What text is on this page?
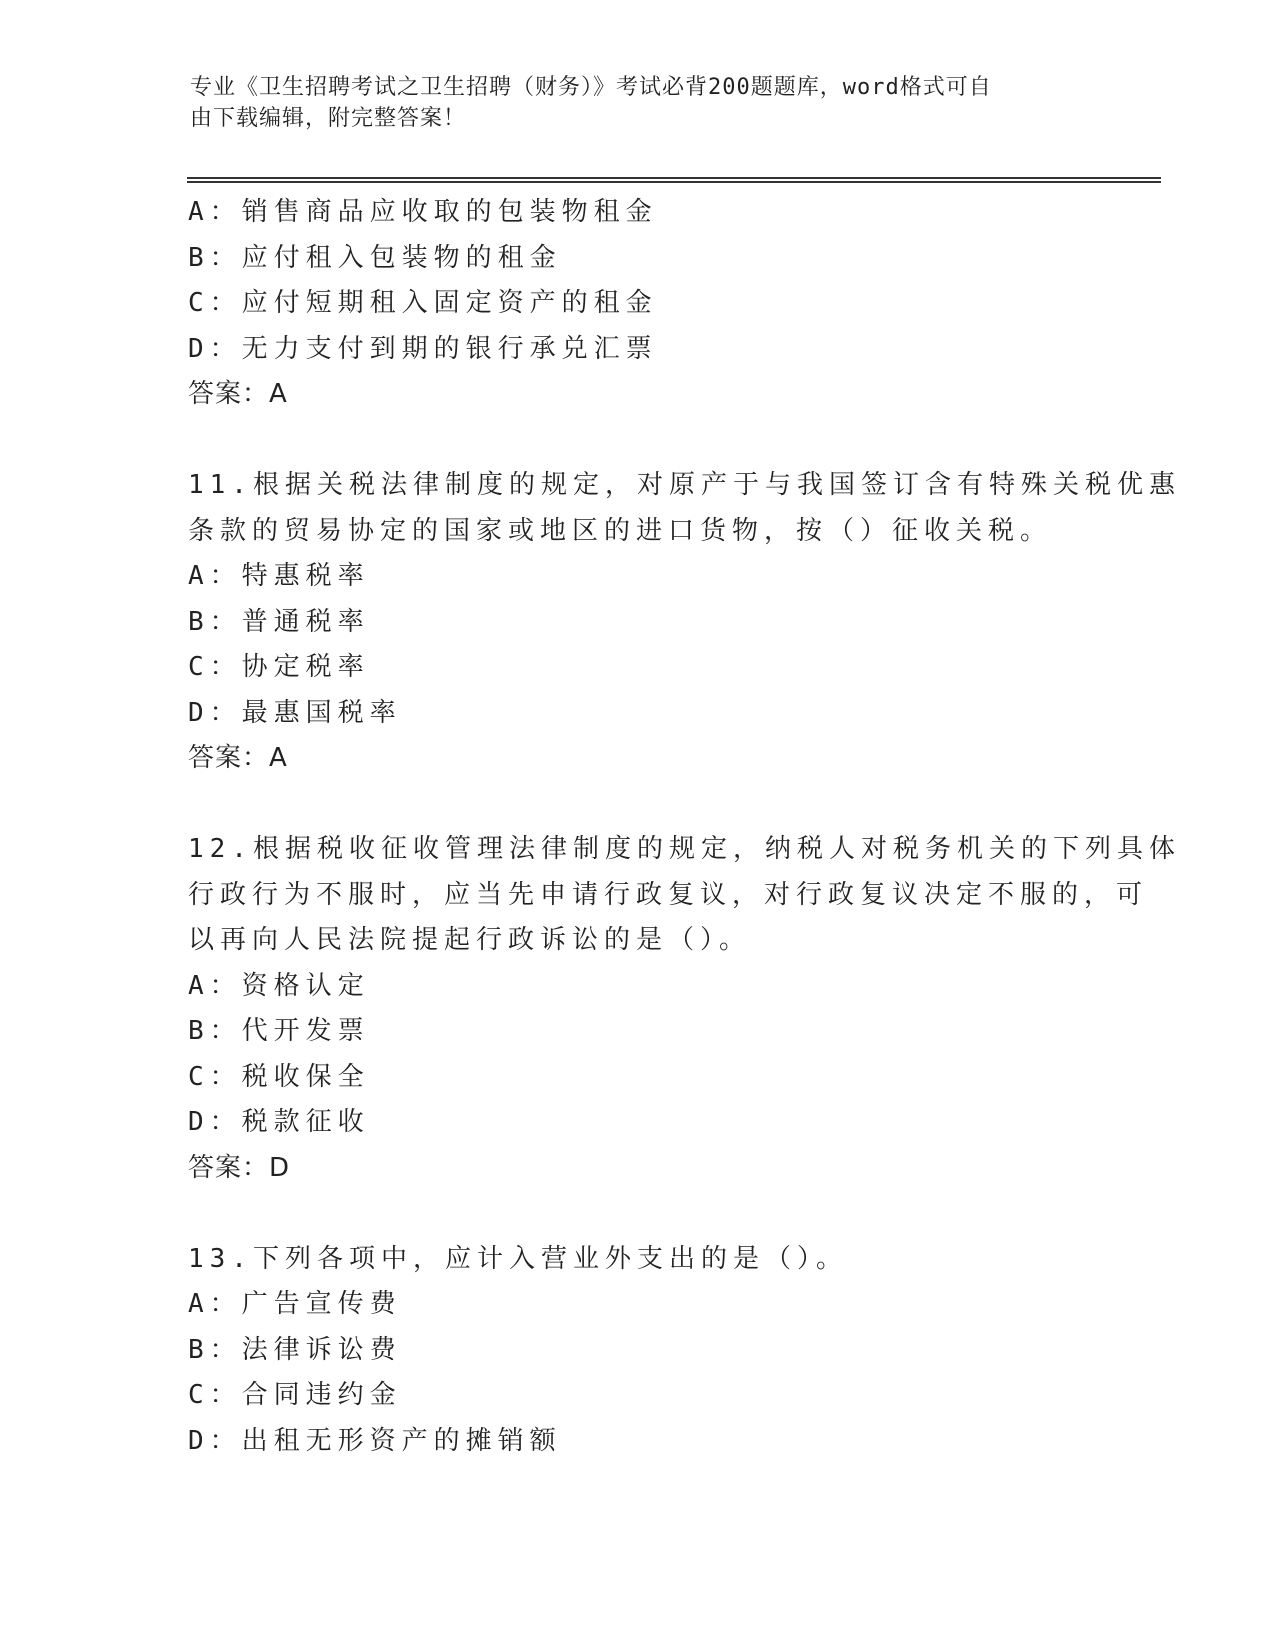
专业《卫生招聘考试之卫生招聘（财务）》考试必背200题题库，word格式可自
由下载编辑，附完整答案！
A：销售商品应收取的包装物租金
B：应付租入包装物的租金
C：应付短期租入固定资产的租金
D：无力支付到期的银行承兑汇票
答案：A
11.根据关税法律制度的规定，对原产于与我国签订含有特殊关税优惠
条款的贸易协定的国家或地区的进口货物，按（）征收关税。
A：特惠税率
B：普通税率
C：协定税率
D：最惠国税率
答案：A
12.根据税收征收管理法律制度的规定，纳税人对税务机关的下列具体
行政行为不服时，应当先申请行政复议，对行政复议决定不服的，可
以再向人民法院提起行政诉讼的是（）。
A：资格认定
B：代开发票
C：税收保全
D：税款征收
答案：D
13.下列各项中，应计入营业外支出的是（）。
A：广告宣传费
B：法律诉讼费
C：合同违约金
D：出租无形资产的摊销额
